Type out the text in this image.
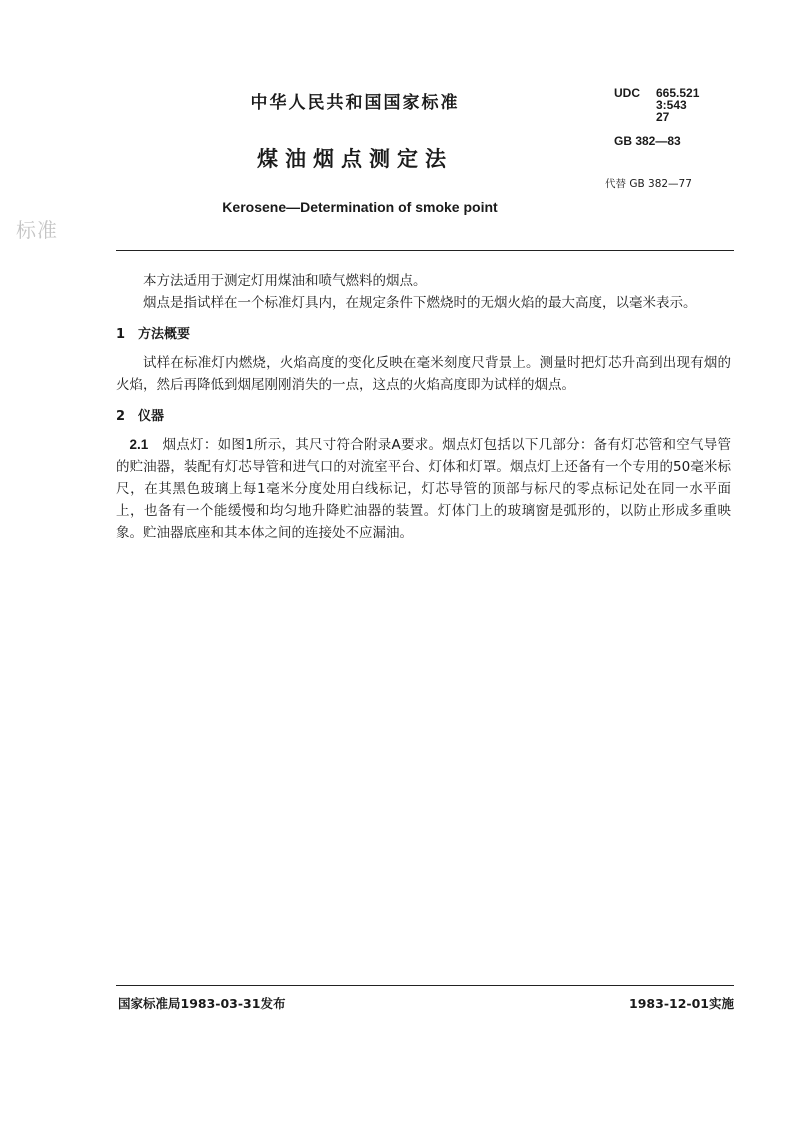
中华人民共和国国家标准
煤油烟点测定法
Kerosene—Determination of smoke point
UDC	665.521
3:543
27
GB 382—83
代替 GB 382—77
标准

本方法适用于测定灯用煤油和喷气燃料的烟点。

烟点是指试样在一个标准灯具内，在规定条件下燃烧时的无烟火焰的最大高度，以毫米表示。

1 方法概要

试样在标准灯内燃烧，火焰高度的变化反映在毫米刻度尺背景上。测量时把灯芯升高到出现有烟的火焰，然后再降低到烟尾刚刚消失的一点，这点的火焰高度即为试样的烟点。

2 仪器

2.1 烟点灯：如图1所示，其尺寸符合附录A要求。烟点灯包括以下几部分：备有灯芯管和空气导管的贮油器，装配有灯芯导管和进气口的对流室平台、灯体和灯罩。烟点灯上还备有一个专用的50毫米标尺，在其黑色玻璃上每1毫米分度处用白线标记，灯芯导管的顶部与标尺的零点标记处在同一水平面上，也备有一个能缓慢和均匀地升降贮油器的装置。灯体门上的玻璃窗是弧形的，以防止形成多重映象。贮油器底座和其本体之间的连接处不应漏油。

国家标准局1983-03-31发布	1983-12-01实施
